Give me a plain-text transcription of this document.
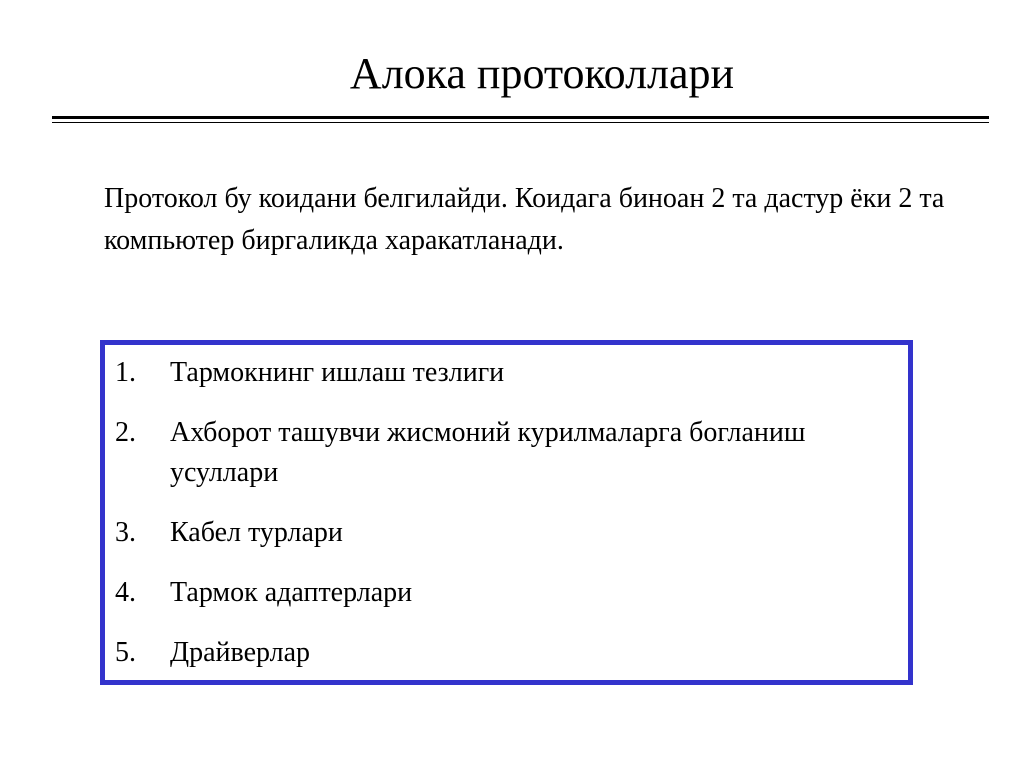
Алока протоколлари

Протокол бу коидани белгилайди. Коидага биноан 2 та дастур ёки 2 та компьютер биргаликда харакатланади.

1. Тармокнинг ишлаш тезлиги
2. Ахборот ташувчи жисмоний курилмаларга богланиш усуллари
3. Кабел турлари
4. Тармок адаптерлари
5. Драйверлар
